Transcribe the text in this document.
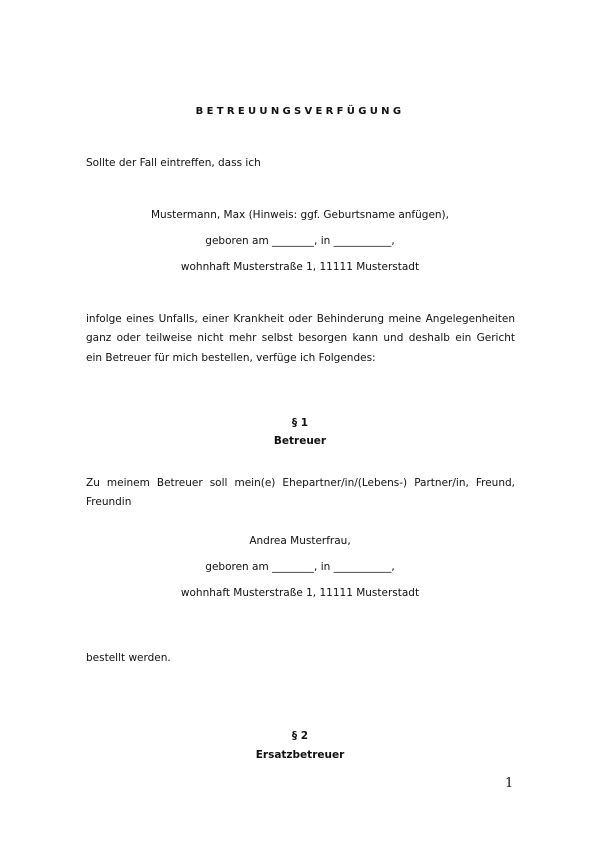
BETREUUNGSVERFÜGUNG
Sollte der Fall eintreffen, dass ich
Mustermann, Max (Hinweis: ggf. Geburtsname anfügen),
geboren am ________, in ___________,
wohnhaft Musterstraße 1, 11111 Musterstadt
infolge eines Unfalls, einer Krankheit oder Behinderung meine Angelegenheiten
ganz oder teilweise nicht mehr selbst besorgen kann und deshalb ein Gericht
ein Betreuer für mich bestellen, verfüge ich Folgendes:
§ 1
Betreuer
Zu meinem Betreuer soll mein(e) Ehepartner/in/(Lebens-) Partner/in, Freund,
Freundin
Andrea Musterfrau,
geboren am ________, in ___________,
wohnhaft Musterstraße 1, 11111 Musterstadt
bestellt werden.
§ 2
Ersatzbetreuer
1
